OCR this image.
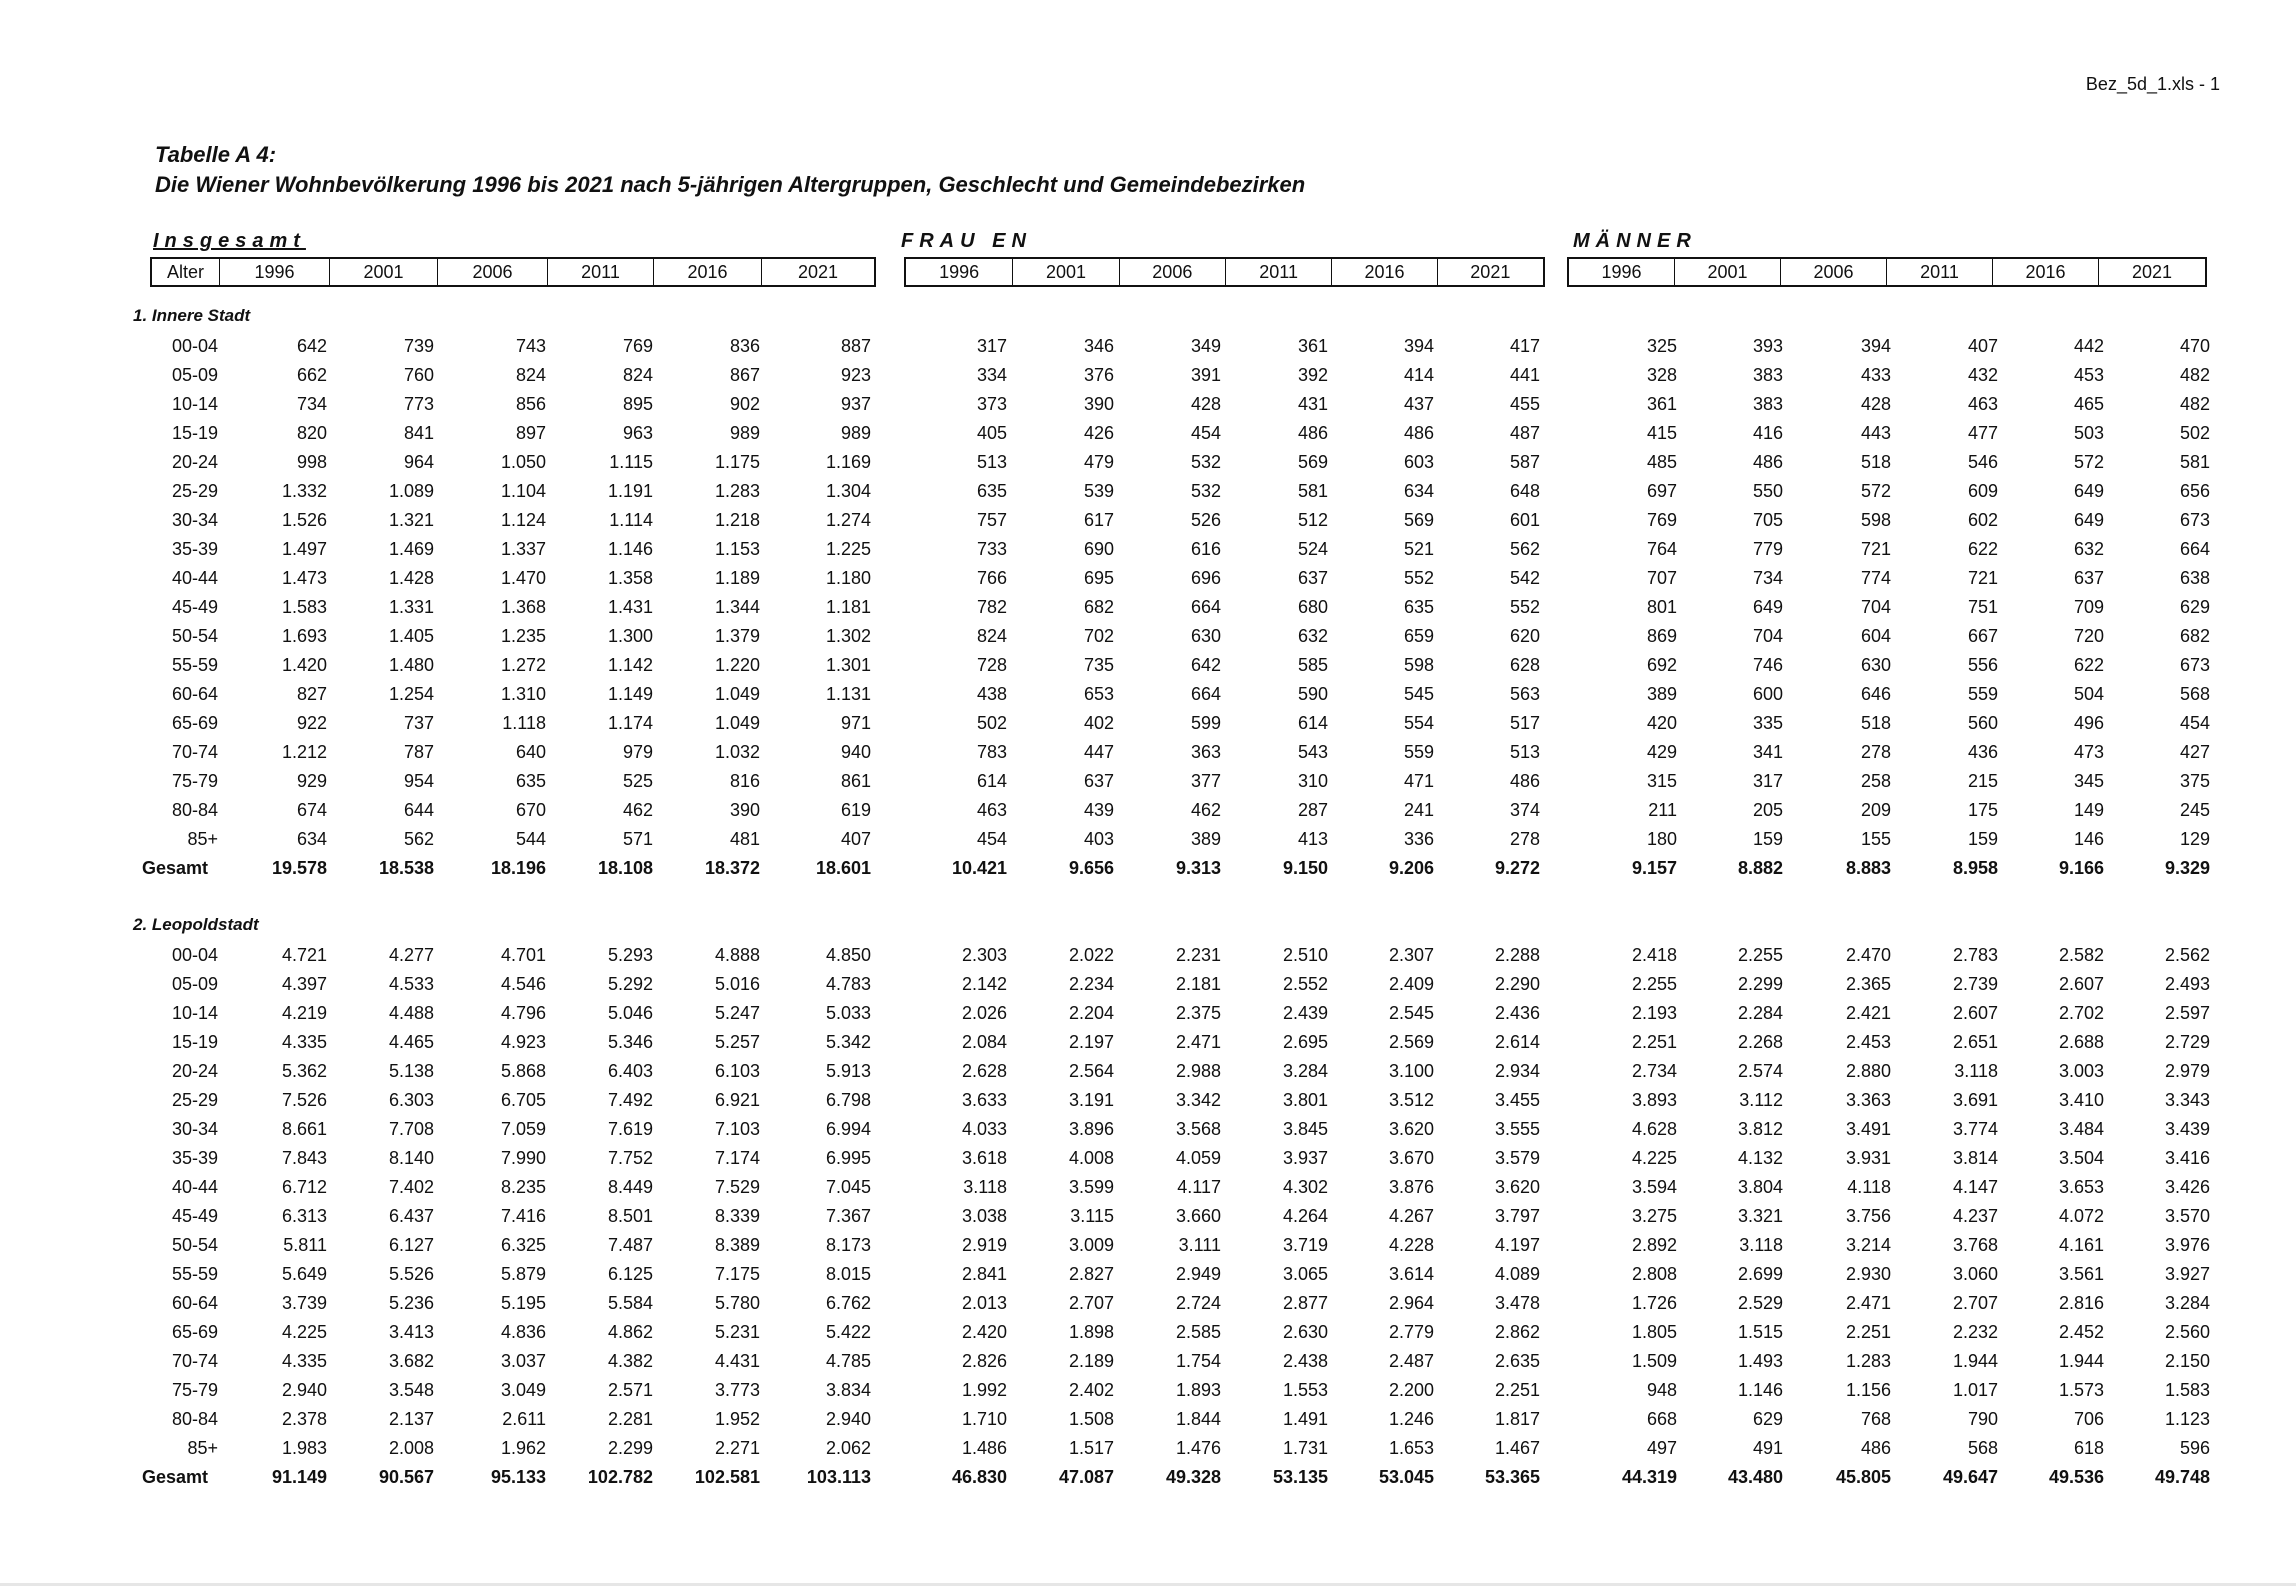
Bez_5d_1.xls - 1
Tabelle A 4:
Die Wiener Wohnbevölkerung 1996 bis 2021 nach 5-jährigen Altergruppen, Geschlecht und Gemeindebezirken
Insgesamt	FRAU EN	MÄNNER
Alter	1996	2001	2006	2011	2016	2021	1996	2001	2006	2011	2016	2021	1996	2001	2006	2011	2016	2021
1. Innere Stadt
00-04	642	739	743	769	836	887	317	346	349	361	394	417	325	393	394	407	442	470
05-09	662	760	824	824	867	923	334	376	391	392	414	441	328	383	433	432	453	482
10-14	734	773	856	895	902	937	373	390	428	431	437	455	361	383	428	463	465	482
15-19	820	841	897	963	989	989	405	426	454	486	486	487	415	416	443	477	503	502
20-24	998	964	1.050	1.115	1.175	1.169	513	479	532	569	603	587	485	486	518	546	572	581
25-29	1.332	1.089	1.104	1.191	1.283	1.304	635	539	532	581	634	648	697	550	572	609	649	656
30-34	1.526	1.321	1.124	1.114	1.218	1.274	757	617	526	512	569	601	769	705	598	602	649	673
35-39	1.497	1.469	1.337	1.146	1.153	1.225	733	690	616	524	521	562	764	779	721	622	632	664
40-44	1.473	1.428	1.470	1.358	1.189	1.180	766	695	696	637	552	542	707	734	774	721	637	638
45-49	1.583	1.331	1.368	1.431	1.344	1.181	782	682	664	680	635	552	801	649	704	751	709	629
50-54	1.693	1.405	1.235	1.300	1.379	1.302	824	702	630	632	659	620	869	704	604	667	720	682
55-59	1.420	1.480	1.272	1.142	1.220	1.301	728	735	642	585	598	628	692	746	630	556	622	673
60-64	827	1.254	1.310	1.149	1.049	1.131	438	653	664	590	545	563	389	600	646	559	504	568
65-69	922	737	1.118	1.174	1.049	971	502	402	599	614	554	517	420	335	518	560	496	454
70-74	1.212	787	640	979	1.032	940	783	447	363	543	559	513	429	341	278	436	473	427
75-79	929	954	635	525	816	861	614	637	377	310	471	486	315	317	258	215	345	375
80-84	674	644	670	462	390	619	463	439	462	287	241	374	211	205	209	175	149	245
85+	634	562	544	571	481	407	454	403	389	413	336	278	180	159	155	159	146	129
Gesamt	19.578	18.538	18.196	18.108	18.372	18.601	10.421	9.656	9.313	9.150	9.206	9.272	9.157	8.882	8.883	8.958	9.166	9.329
2. Leopoldstadt
00-04	4.721	4.277	4.701	5.293	4.888	4.850	2.303	2.022	2.231	2.510	2.307	2.288	2.418	2.255	2.470	2.783	2.582	2.562
05-09	4.397	4.533	4.546	5.292	5.016	4.783	2.142	2.234	2.181	2.552	2.409	2.290	2.255	2.299	2.365	2.739	2.607	2.493
10-14	4.219	4.488	4.796	5.046	5.247	5.033	2.026	2.204	2.375	2.439	2.545	2.436	2.193	2.284	2.421	2.607	2.702	2.597
15-19	4.335	4.465	4.923	5.346	5.257	5.342	2.084	2.197	2.471	2.695	2.569	2.614	2.251	2.268	2.453	2.651	2.688	2.729
20-24	5.362	5.138	5.868	6.403	6.103	5.913	2.628	2.564	2.988	3.284	3.100	2.934	2.734	2.574	2.880	3.118	3.003	2.979
25-29	7.526	6.303	6.705	7.492	6.921	6.798	3.633	3.191	3.342	3.801	3.512	3.455	3.893	3.112	3.363	3.691	3.410	3.343
30-34	8.661	7.708	7.059	7.619	7.103	6.994	4.033	3.896	3.568	3.845	3.620	3.555	4.628	3.812	3.491	3.774	3.484	3.439
35-39	7.843	8.140	7.990	7.752	7.174	6.995	3.618	4.008	4.059	3.937	3.670	3.579	4.225	4.132	3.931	3.814	3.504	3.416
40-44	6.712	7.402	8.235	8.449	7.529	7.045	3.118	3.599	4.117	4.302	3.876	3.620	3.594	3.804	4.118	4.147	3.653	3.426
45-49	6.313	6.437	7.416	8.501	8.339	7.367	3.038	3.115	3.660	4.264	4.267	3.797	3.275	3.321	3.756	4.237	4.072	3.570
50-54	5.811	6.127	6.325	7.487	8.389	8.173	2.919	3.009	3.111	3.719	4.228	4.197	2.892	3.118	3.214	3.768	4.161	3.976
55-59	5.649	5.526	5.879	6.125	7.175	8.015	2.841	2.827	2.949	3.065	3.614	4.089	2.808	2.699	2.930	3.060	3.561	3.927
60-64	3.739	5.236	5.195	5.584	5.780	6.762	2.013	2.707	2.724	2.877	2.964	3.478	1.726	2.529	2.471	2.707	2.816	3.284
65-69	4.225	3.413	4.836	4.862	5.231	5.422	2.420	1.898	2.585	2.630	2.779	2.862	1.805	1.515	2.251	2.232	2.452	2.560
70-74	4.335	3.682	3.037	4.382	4.431	4.785	2.826	2.189	1.754	2.438	2.487	2.635	1.509	1.493	1.283	1.944	1.944	2.150
75-79	2.940	3.548	3.049	2.571	3.773	3.834	1.992	2.402	1.893	1.553	2.200	2.251	948	1.146	1.156	1.017	1.573	1.583
80-84	2.378	2.137	2.611	2.281	1.952	2.940	1.710	1.508	1.844	1.491	1.246	1.817	668	629	768	790	706	1.123
85+	1.983	2.008	1.962	2.299	2.271	2.062	1.486	1.517	1.476	1.731	1.653	1.467	497	491	486	568	618	596
Gesamt	91.149	90.567	95.133	102.782	102.581	103.113	46.830	47.087	49.328	53.135	53.045	53.365	44.319	43.480	45.805	49.647	49.536	49.748
